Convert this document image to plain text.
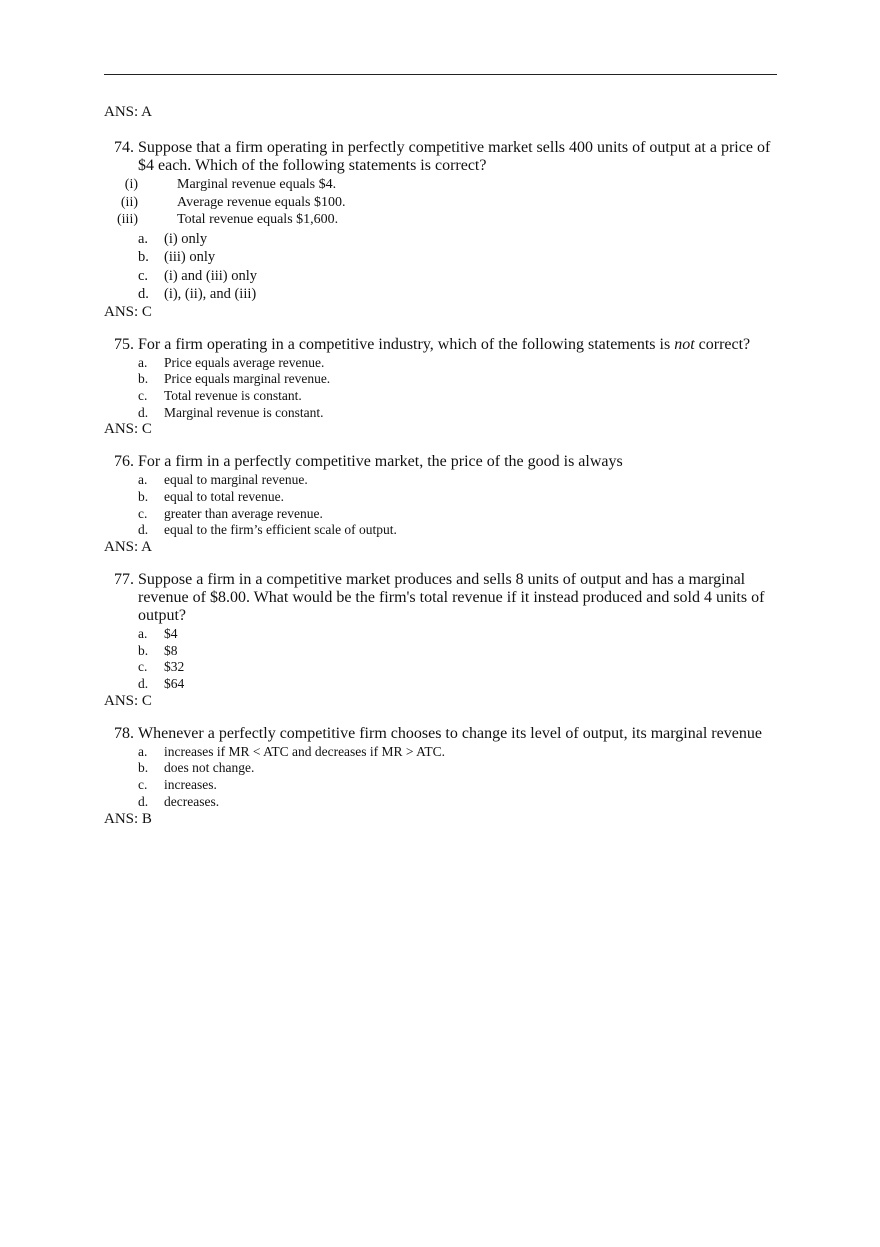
ANS: A
74. Suppose that a firm operating in perfectly competitive market sells 400 units of output at a price of
$4 each. Which of the following statements is correct?
(i)	Marginal revenue equals $4.
(ii)	Average revenue equals $100.
(iii)	Total revenue equals $1,600.
a. (i) only
b. (iii) only
c. (i) and (iii) only
d. (i), (ii), and (iii)
ANS: C
75. For a firm operating in a competitive industry, which of the following statements is not correct?
a. Price equals average revenue.
b. Price equals marginal revenue.
c. Total revenue is constant.
d. Marginal revenue is constant.
ANS: C
76. For a firm in a perfectly competitive market, the price of the good is always
a. equal to marginal revenue.
b. equal to total revenue.
c. greater than average revenue.
d. equal to the firm’s efficient scale of output.
ANS: A
77. Suppose a firm in a competitive market produces and sells 8 units of output and has a marginal
revenue of $8.00. What would be the firm's total revenue if it instead produced and sold 4 units of
output?
a. $4
b. $8
c. $32
d. $64
ANS: C
78. Whenever a perfectly competitive firm chooses to change its level of output, its marginal revenue
a. increases if MR < ATC and decreases if MR > ATC.
b. does not change.
c. increases.
d. decreases.
ANS: B
